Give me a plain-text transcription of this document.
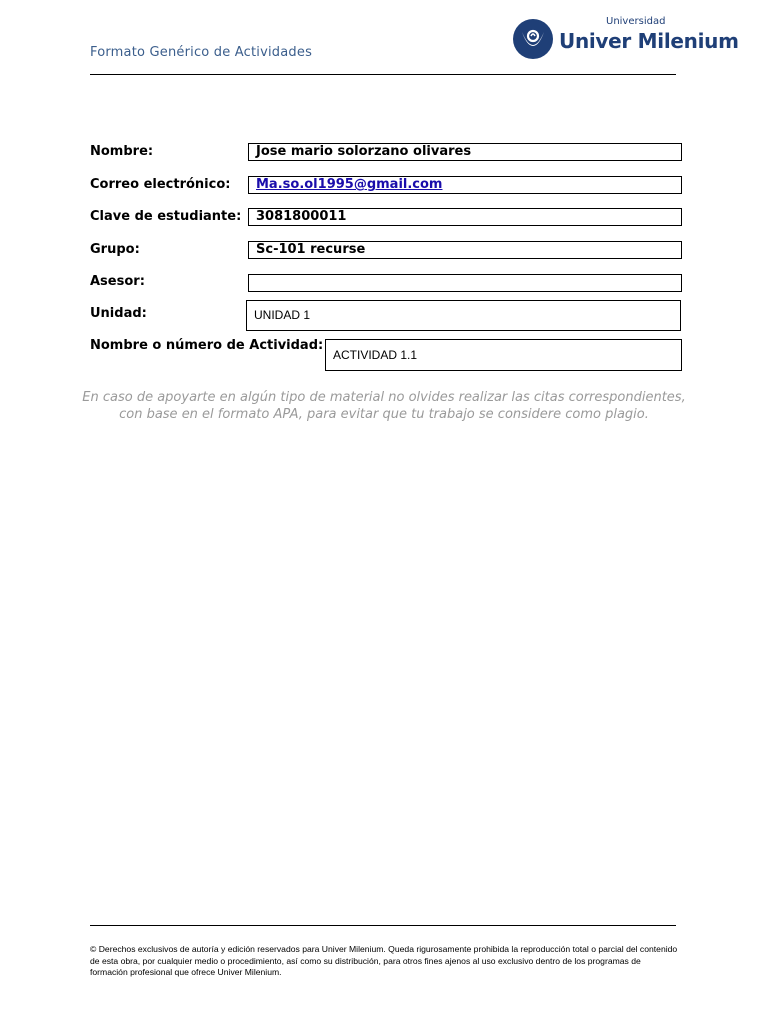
Formato Genérico de Actividades
Universidad
Univer Milenium
Nombre:	Jose mario solorzano olivares
Correo electrónico:	Ma.so.ol1995@gmail.com
Clave de estudiante:	3081800011
Grupo:	Sc-101 recurse
Asesor:
Unidad:	UNIDAD 1
Nombre o número de Actividad:
ACTIVIDAD 1.1
En caso de apoyarte en algún tipo de material no olvides realizar las citas correspondientes, con base en el formato APA, para evitar que tu trabajo se considere como plagio.
© Derechos exclusivos de autoría y edición reservados para Univer Milenium. Queda rigurosamente prohibida la reproducción total o parcial del contenido de esta obra, por cualquier medio o procedimiento, así como su distribución, para otros fines ajenos al uso exclusivo dentro de los programas de formación profesional que ofrece Univer Milenium.
